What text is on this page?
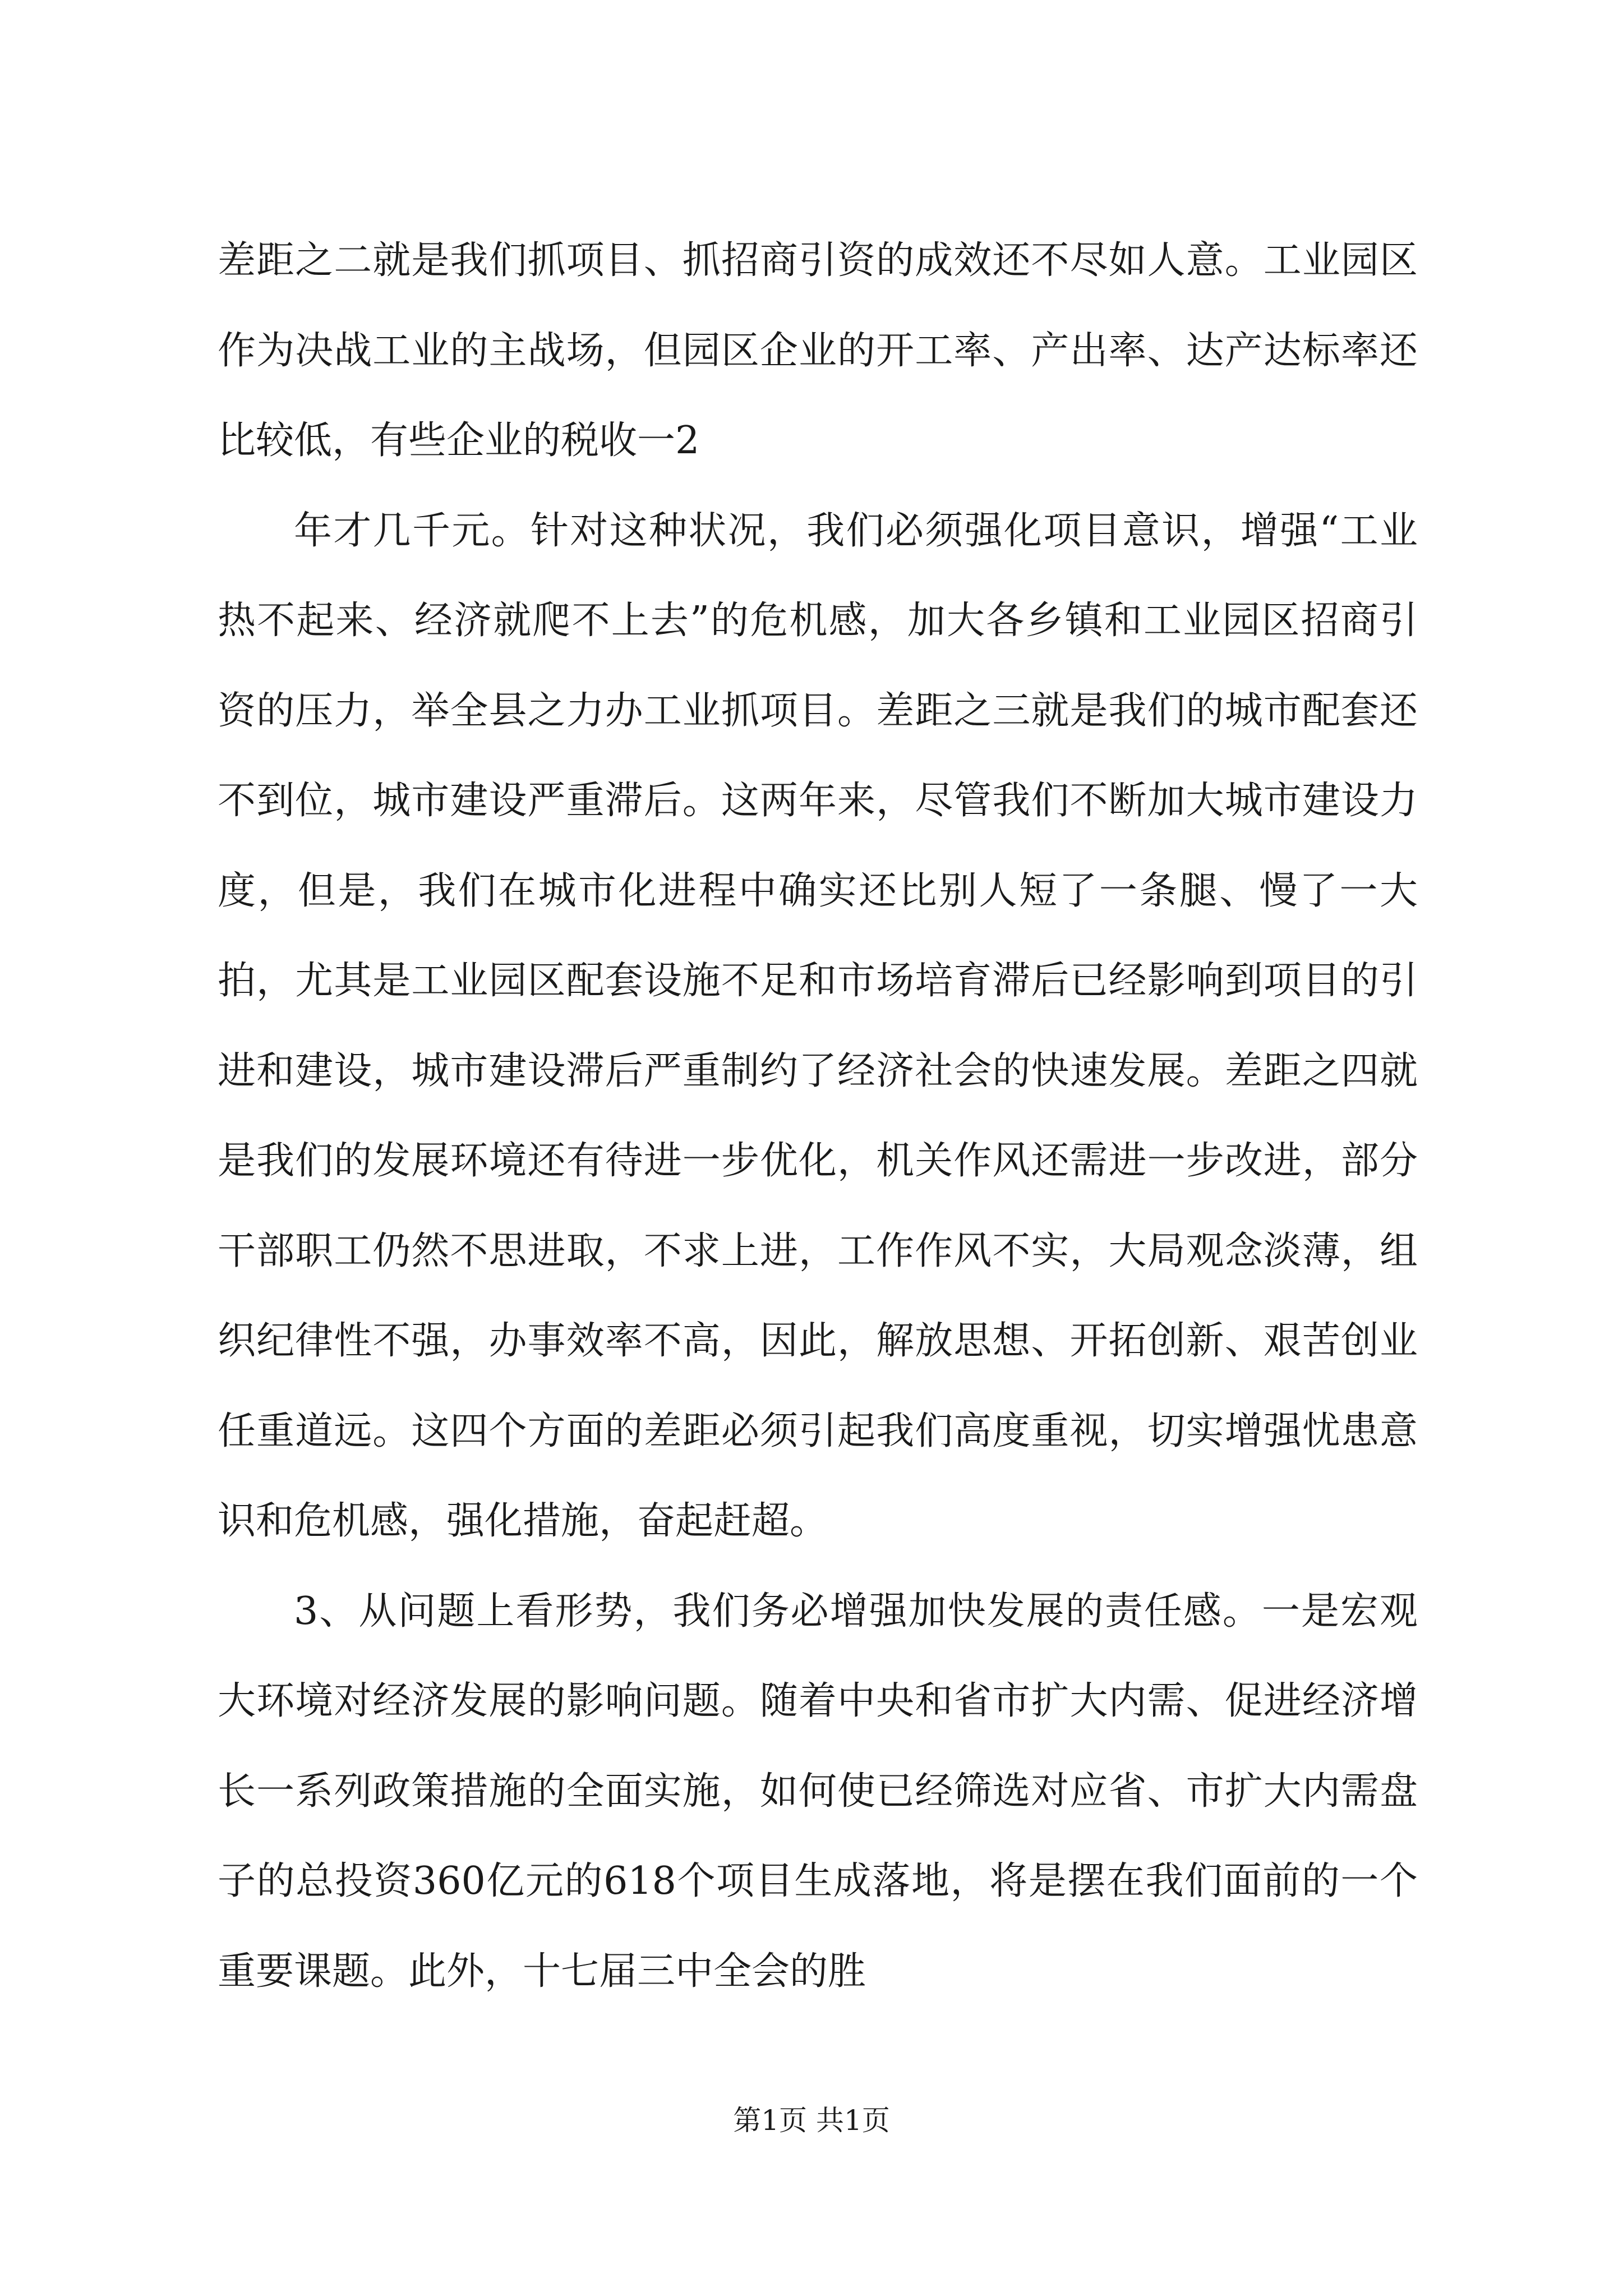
差距之二就是我们抓项目、抓招商引资的成效还不尽如人意。工业园区作为决战工业的主战场，但园区企业的开工率、产出率、达产达标率还比较低，有些企业的税收一2

年才几千元。针对这种状况，我们必须强化项目意识，增强“工业热不起来、经济就爬不上去”的危机感，加大各乡镇和工业园区招商引资的压力，举全县之力办工业抓项目。差距之三就是我们的城市配套还不到位，城市建设严重滞后。这两年来，尽管我们不断加大城市建设力度，但是，我们在城市化进程中确实还比别人短了一条腿、慢了一大拍，尤其是工业园区配套设施不足和市场培育滞后已经影响到项目的引进和建设，城市建设滞后严重制约了经济社会的快速发展。差距之四就是我们的发展环境还有待进一步优化，机关作风还需进一步改进，部分干部职工仍然不思进取，不求上进，工作作风不实，大局观念淡薄，组织纪律性不强，办事效率不高，因此，解放思想、开拓创新、艰苦创业任重道远。这四个方面的差距必须引起我们高度重视，切实增强忧患意识和危机感，强化措施，奋起赶超。

3、从问题上看形势，我们务必增强加快发展的责任感。一是宏观大环境对经济发展的影响问题。随着中央和省市扩大内需、促进经济增长一系列政策措施的全面实施，如何使已经筛选对应省、市扩大内需盘子的总投资360亿元的618个项目生成落地，将是摆在我们面前的一个重要课题。此外，十七届三中全会的胜

第1页 共1页
